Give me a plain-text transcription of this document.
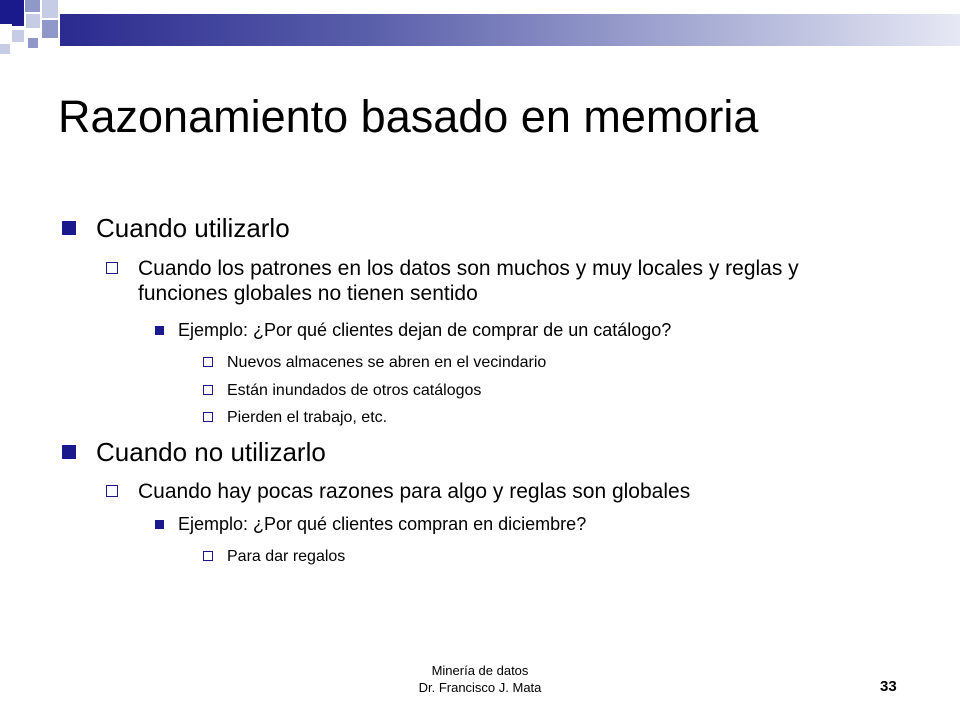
Razonamiento basado en memoria
Cuando utilizarlo
Cuando los patrones en los datos son muchos y muy locales y reglas y funciones globales no tienen sentido
Ejemplo: ¿Por qué clientes dejan de comprar de un catálogo?
Nuevos almacenes se abren en el vecindario
Están inundados de otros catálogos
Pierden el trabajo, etc.
Cuando no utilizarlo
Cuando hay pocas razones para algo y reglas son globales
Ejemplo: ¿Por qué clientes compran en diciembre?
Para dar regalos
Minería de datos
Dr. Francisco J. Mata	33
